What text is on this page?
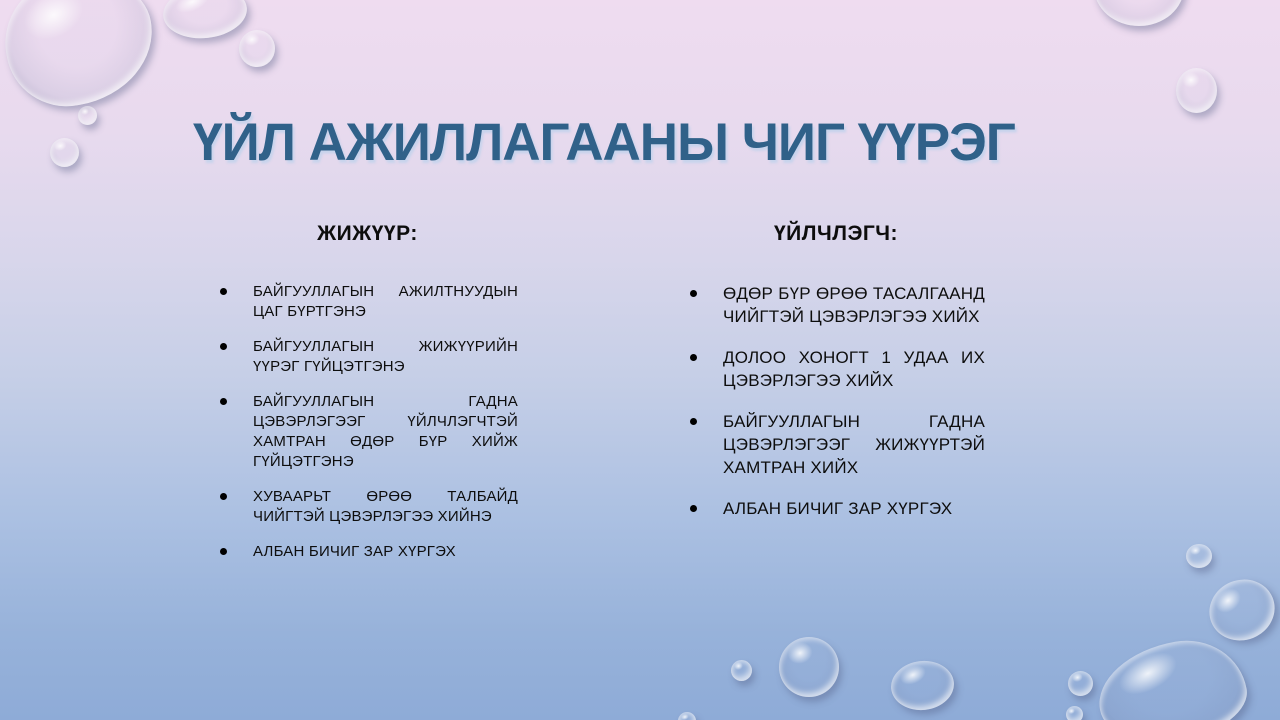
ҮЙЛ АЖИЛЛАГААНЫ ЧИГ ҮҮРЭГ
ЖИЖҮҮР:
БАЙГУУЛЛАГЫН АЖИЛТНУУДЫН ЦАГ БҮРТГЭНЭ
БАЙГУУЛЛАГЫН ЖИЖҮҮРИЙН ҮҮРЭГ ГҮЙЦЭТГЭНЭ
БАЙГУУЛЛАГЫН ГАДНА ЦЭВЭРЛЭГЭЭГ ҮЙЛЧЛЭГЧТЭЙ ХАМТРАН ӨДӨР БҮР ХИЙЖ ГҮЙЦЭТГЭНЭ
ХУВААРЬТ ӨРӨӨ ТАЛБАЙД ЧИЙГТЭЙ ЦЭВЭРЛЭГЭЭ ХИЙНЭ
АЛБАН БИЧИГ ЗАР ХҮРГЭХ
ҮЙЛЧЛЭГЧ:
ӨДӨР БҮР ӨРӨӨ ТАСАЛГААНД ЧИЙГТЭЙ ЦЭВЭРЛЭГЭЭ ХИЙХ
ДОЛОО ХОНОГТ 1 УДАА ИХ ЦЭВЭРЛЭГЭЭ ХИЙХ
БАЙГУУЛЛАГЫН ГАДНА ЦЭВЭРЛЭГЭЭГ ЖИЖҮҮРТЭЙ ХАМТРАН ХИЙХ
АЛБАН БИЧИГ ЗАР ХҮРГЭХ
